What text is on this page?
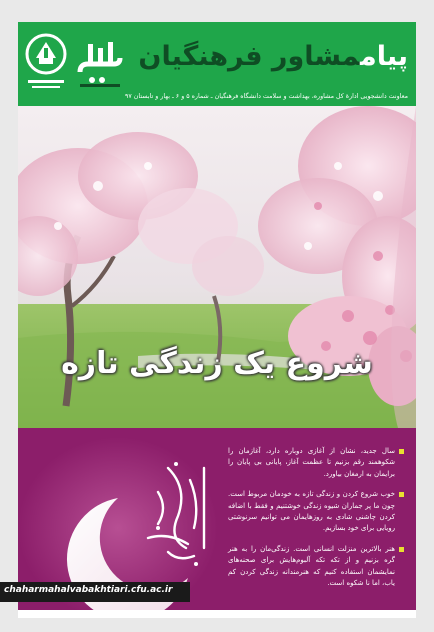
پیاممشاور فرهنگیان
معاونت دانشجویی ادارهٔ کل مشاوره، بهداشت و سلامت دانشگاه فرهنگیان ـ شماره ۵ و ۶ ـ بهار و تابستان ۹۷
شروع یک زندگی تازه
سال جدید، نشان از آغازی دوباره دارد، آغازمان را شکوهمند رقم بزنیم تا عظمت آغاز، پایانی بی پایان را برایمان به ارمغان بیاورد.
خوب شروع کردن و زندگی تازه به خودمان مربوط است. چون ما پر جماران شیوه زندگی خوشتنیم و فقط با اضافه کردن چاشنی شادی به روزهایمان می توانیم سرنوشتی رویایی برای خود بسازیم.
هنر بالاترین منزلت انسانی است. زندگی‌مان را به هنر گره بزنیم و از تکه تکه آلبوم‌هایش برای صحنه‌های نمایشمان استفاده کنیم که هنرمندانه زندگی کردن کم یاب، اما نا شکوه است.
chaharmahalvabakhtiari.cfu.ac.ir
